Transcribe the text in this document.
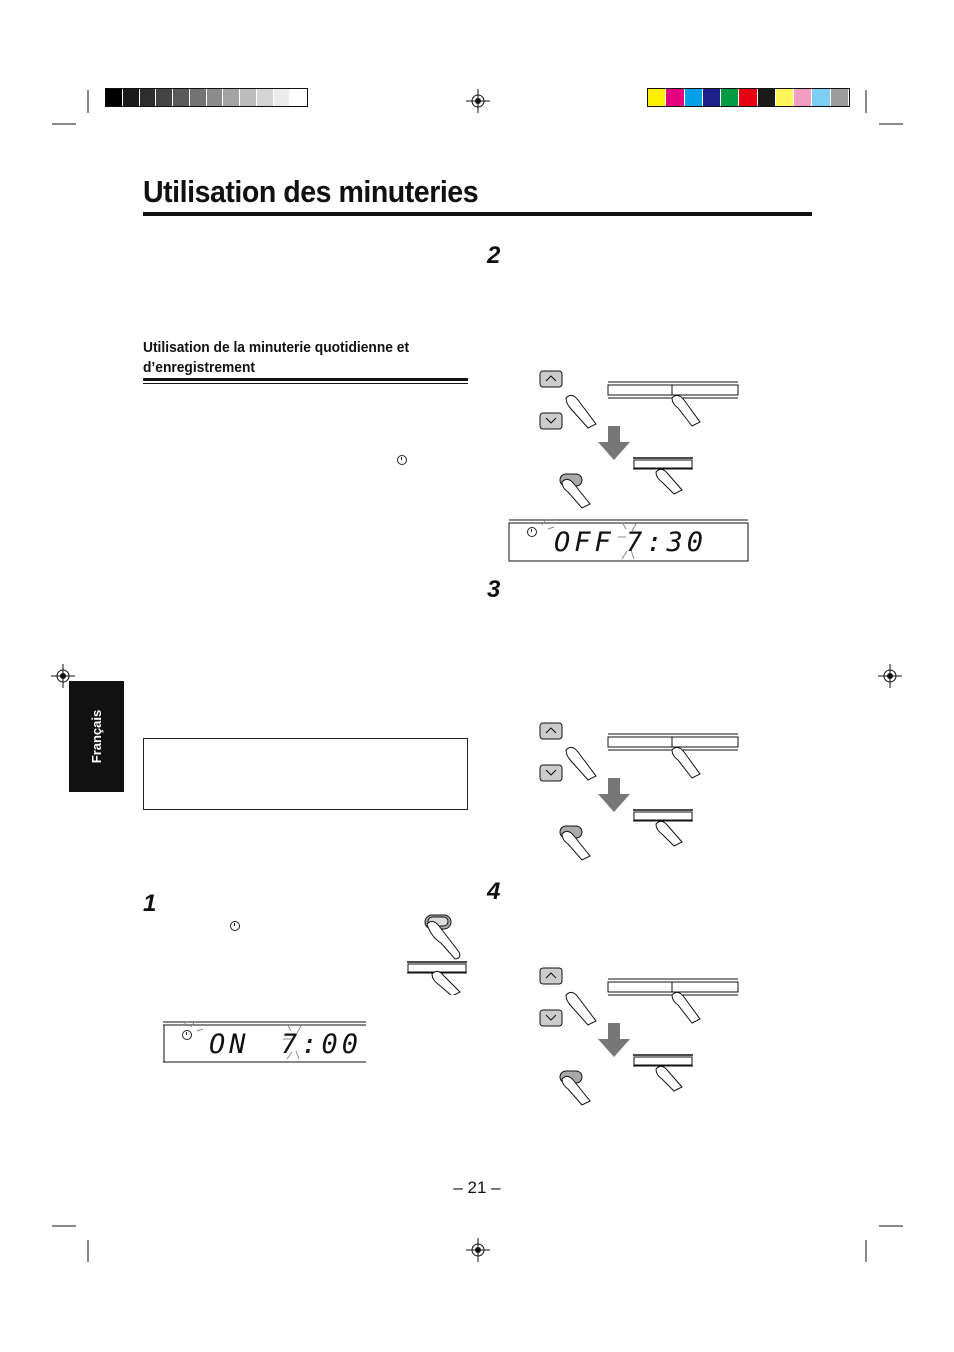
Utilisation des minuteries
Utilisation de la minuterie quotidienne et d’enregistrement
Français
1
2
3
4
ON 7:00
OFF 7:30
– 21 –
